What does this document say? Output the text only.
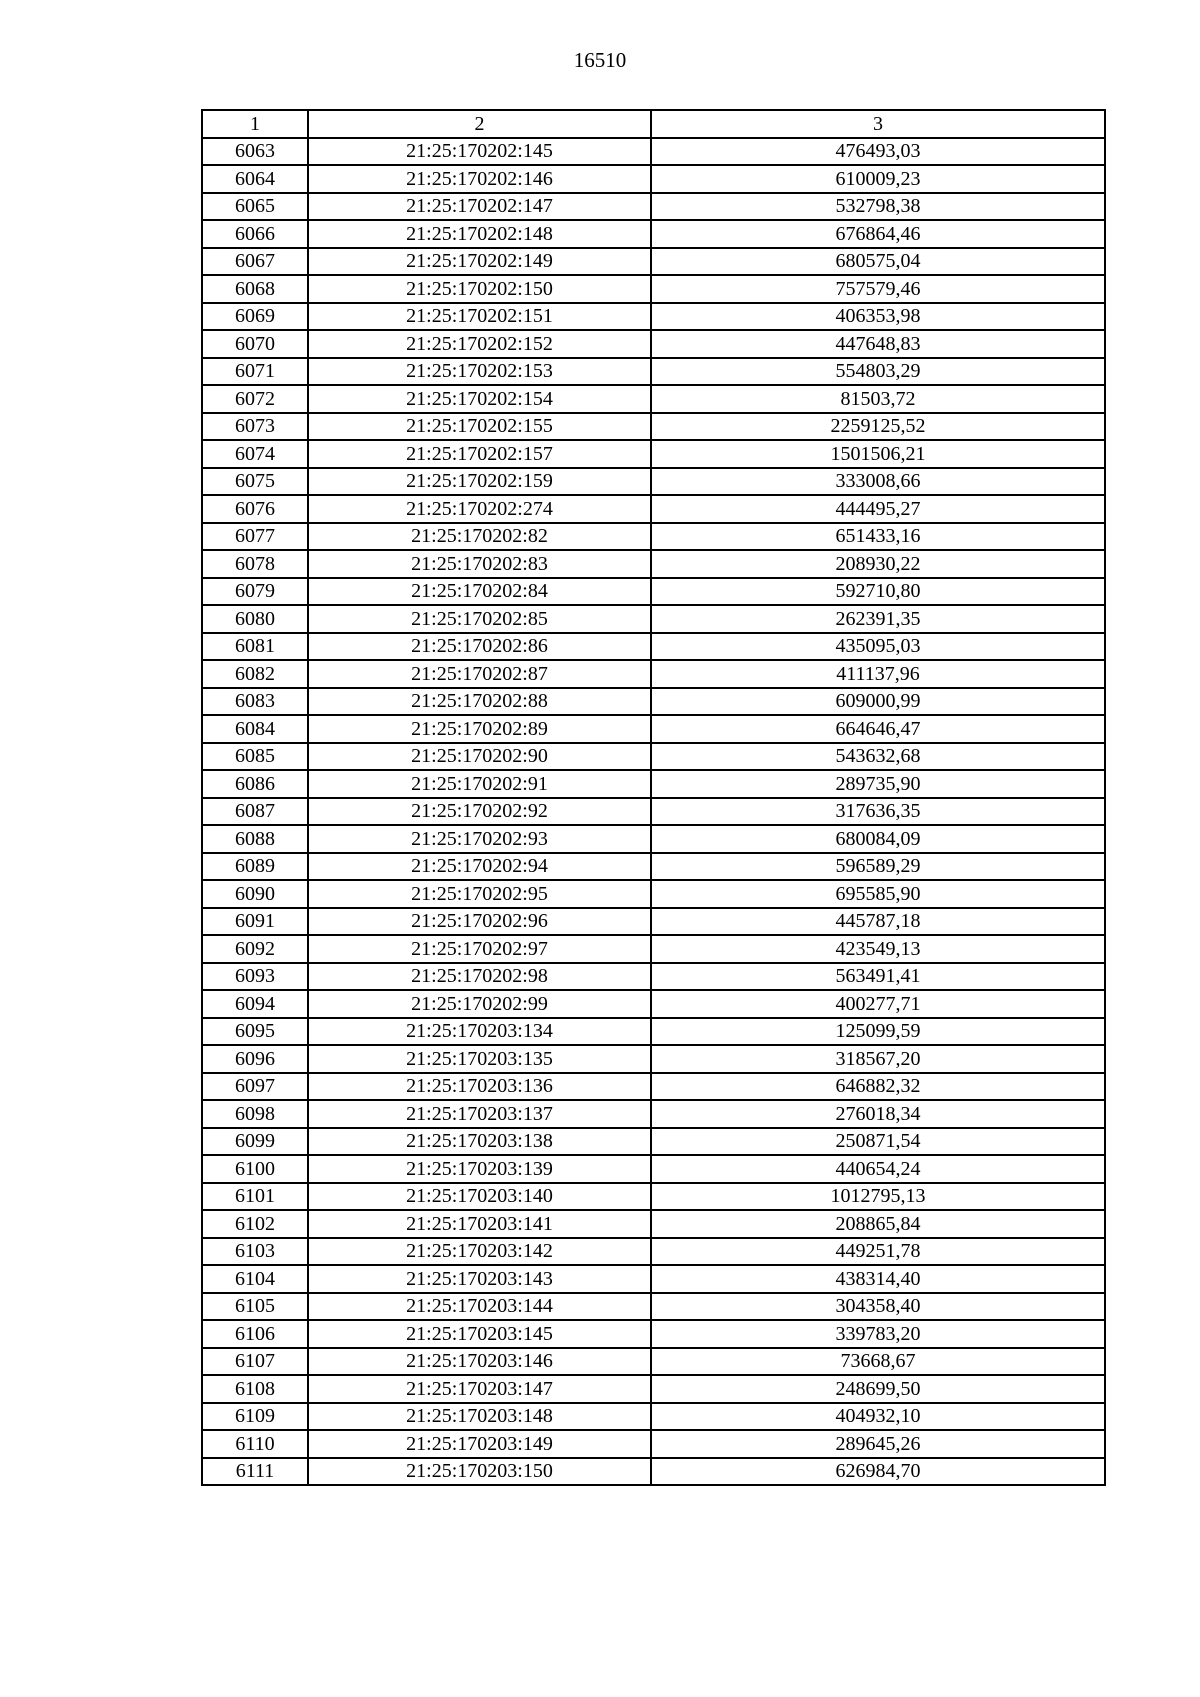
16510
1	2	3
6063	21:25:170202:145	476493,03
6064	21:25:170202:146	610009,23
6065	21:25:170202:147	532798,38
6066	21:25:170202:148	676864,46
6067	21:25:170202:149	680575,04
6068	21:25:170202:150	757579,46
6069	21:25:170202:151	406353,98
6070	21:25:170202:152	447648,83
6071	21:25:170202:153	554803,29
6072	21:25:170202:154	81503,72
6073	21:25:170202:155	2259125,52
6074	21:25:170202:157	1501506,21
6075	21:25:170202:159	333008,66
6076	21:25:170202:274	444495,27
6077	21:25:170202:82	651433,16
6078	21:25:170202:83	208930,22
6079	21:25:170202:84	592710,80
6080	21:25:170202:85	262391,35
6081	21:25:170202:86	435095,03
6082	21:25:170202:87	411137,96
6083	21:25:170202:88	609000,99
6084	21:25:170202:89	664646,47
6085	21:25:170202:90	543632,68
6086	21:25:170202:91	289735,90
6087	21:25:170202:92	317636,35
6088	21:25:170202:93	680084,09
6089	21:25:170202:94	596589,29
6090	21:25:170202:95	695585,90
6091	21:25:170202:96	445787,18
6092	21:25:170202:97	423549,13
6093	21:25:170202:98	563491,41
6094	21:25:170202:99	400277,71
6095	21:25:170203:134	125099,59
6096	21:25:170203:135	318567,20
6097	21:25:170203:136	646882,32
6098	21:25:170203:137	276018,34
6099	21:25:170203:138	250871,54
6100	21:25:170203:139	440654,24
6101	21:25:170203:140	1012795,13
6102	21:25:170203:141	208865,84
6103	21:25:170203:142	449251,78
6104	21:25:170203:143	438314,40
6105	21:25:170203:144	304358,40
6106	21:25:170203:145	339783,20
6107	21:25:170203:146	73668,67
6108	21:25:170203:147	248699,50
6109	21:25:170203:148	404932,10
6110	21:25:170203:149	289645,26
6111	21:25:170203:150	626984,70
